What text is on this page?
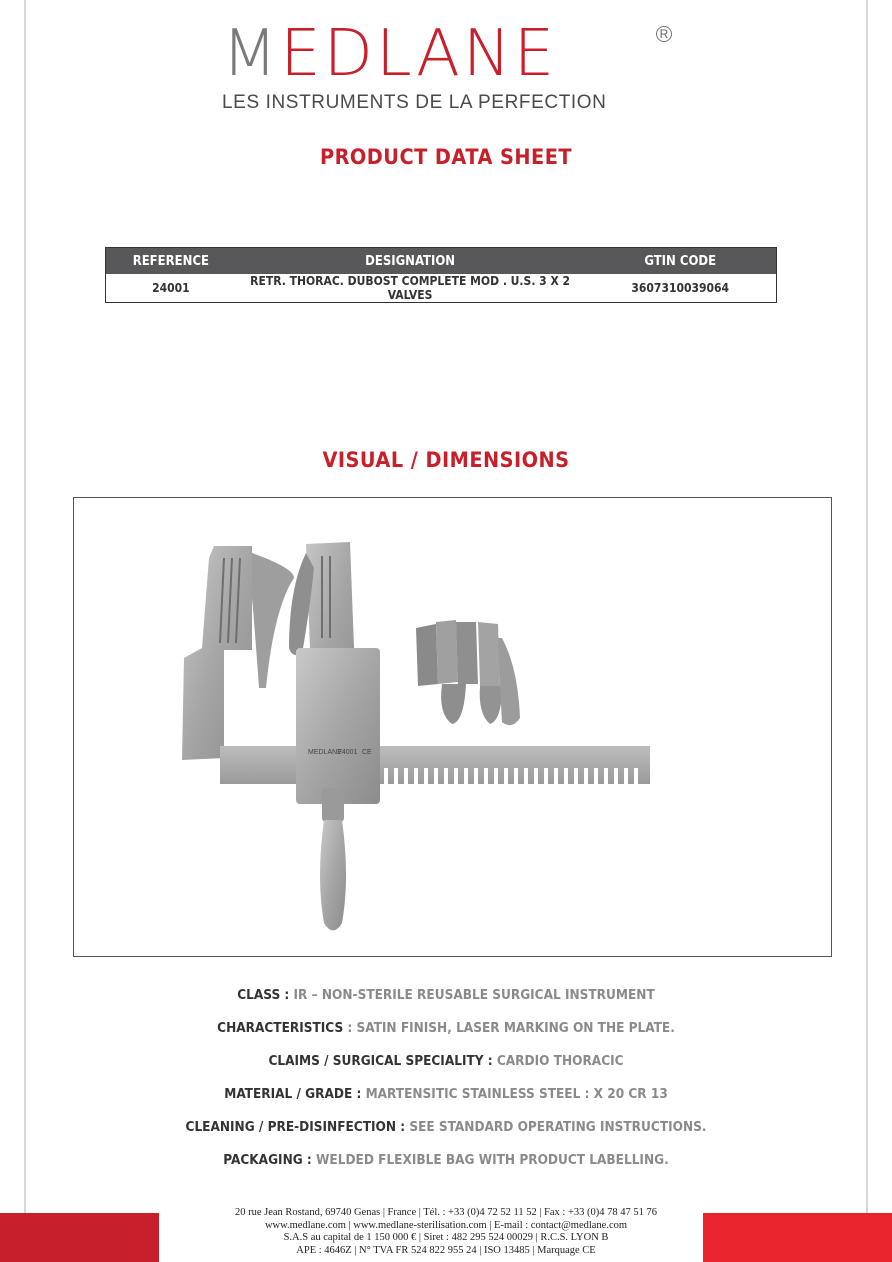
MEDLANE	R
LES INSTRUMENTS DE LA PERFECTION
PRODUCT DATA SHEET
REFERENCE	DESIGNATION	GTIN CODE
24001	RETR. THORAC. DUBOST COMPLETE MOD . U.S. 3 X 2 VALVES	3607310039064
VISUAL / DIMENSIONS
MEDLANE
24001 CE
CLASS : IR – NON-STERILE REUSABLE SURGICAL INSTRUMENT
CHARACTERISTICS : SATIN FINISH, LASER MARKING ON THE PLATE.
CLAIMS / SURGICAL SPECIALITY : CARDIO THORACIC
MATERIAL / GRADE : MARTENSITIC STAINLESS STEEL : X 20 CR 13
CLEANING / PRE-DISINFECTION : SEE STANDARD OPERATING INSTRUCTIONS.
PACKAGING : WELDED FLEXIBLE BAG WITH PRODUCT LABELLING.
20 rue Jean Rostand, 69740 Genas | France | Tél. : +33 (0)4 72 52 11 52 | Fax : +33 (0)4 78 47 51 76
www.medlane.com | www.medlane-sterilisation.com | E-mail : contact@medlane.com
S.A.S au capital de 1 150 000 € | Siret : 482 295 524 00029 | R.C.S. LYON B
APE : 4646Z | N° TVA FR 524 822 955 24 | ISO 13485 | Marquage CE
